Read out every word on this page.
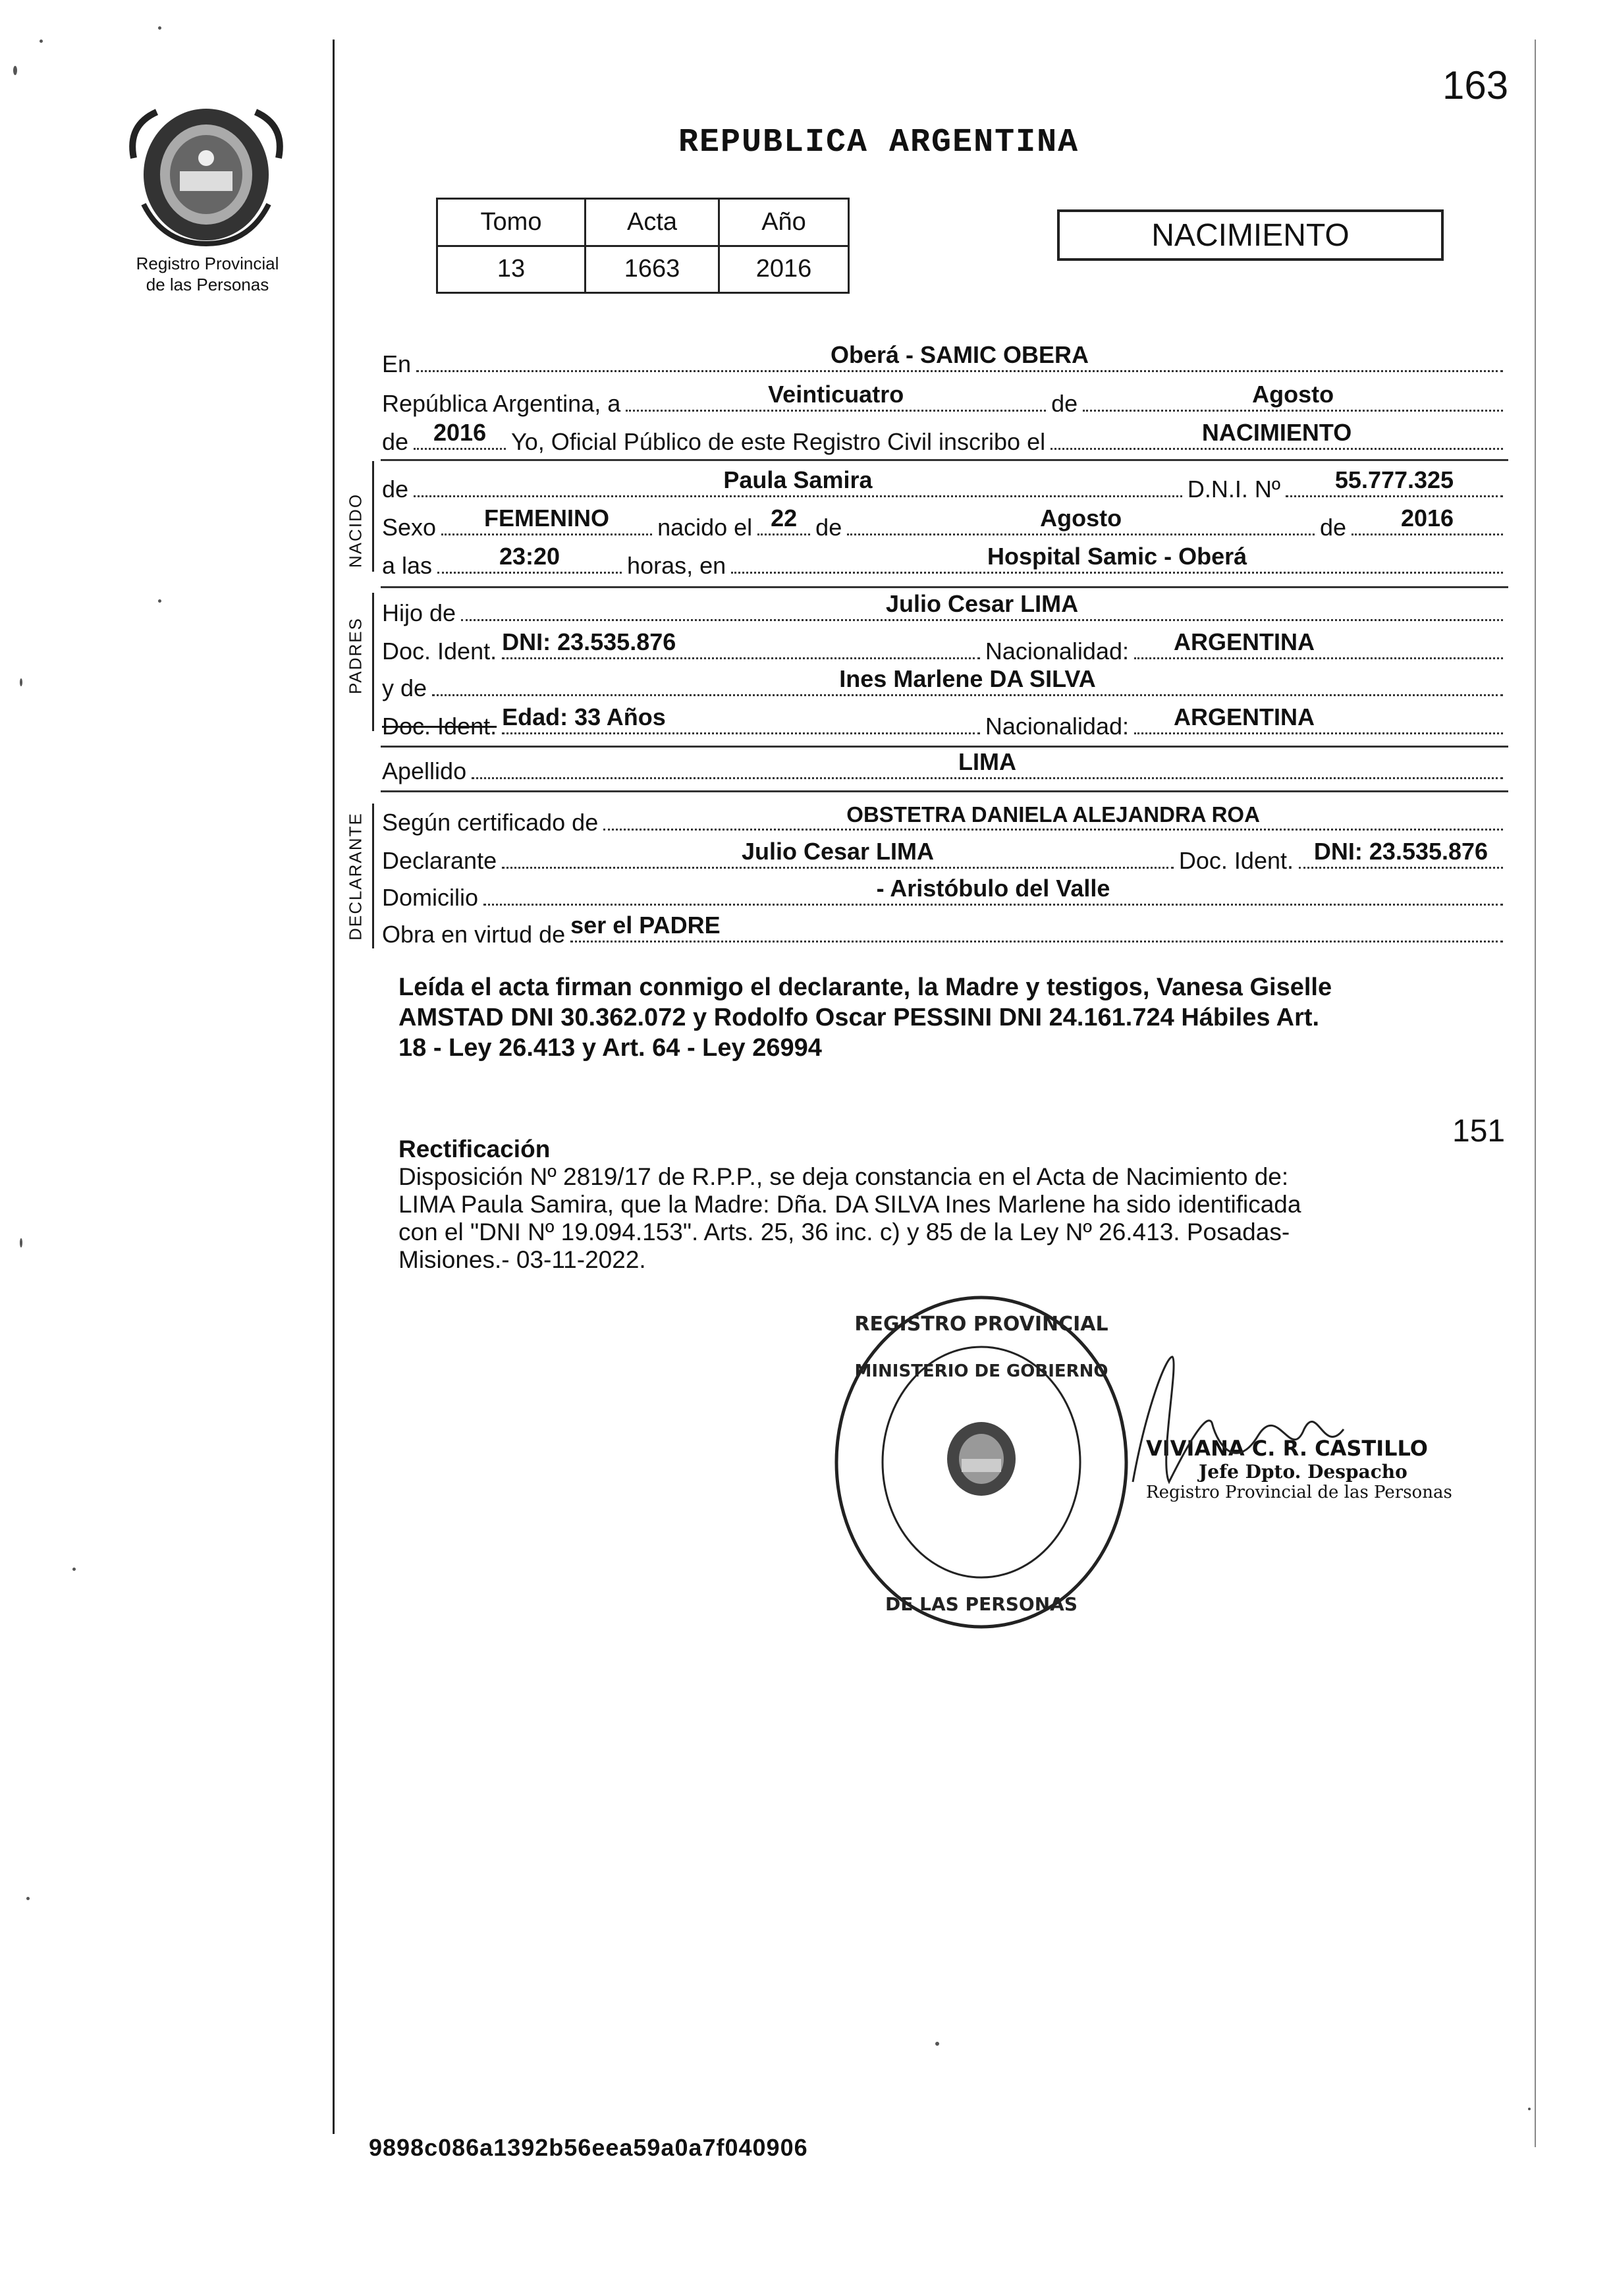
163
Registro Provincial
de las Personas
REPUBLICA ARGENTINA
Tomo	Acta	Año
13	1663	2016
NACIMIENTO
NACIDO
PADRES
DECLARANTE
En	Oberá - SAMIC OBERA
República Argentina, a	Veinticuatro	de	Agosto
de	2016	Yo, Oficial Público de este Registro Civil inscribo el	NACIMIENTO
de	Paula Samira	D.N.I. Nº	55.777.325
Sexo	FEMENINO	nacido el 22 de	Agosto	de	2016
a las	23:20	horas, en	Hospital Samic - Oberá
Hijo de	Julio Cesar LIMA
Doc. Ident. DNI: 23.535.876	Nacionalidad:	ARGENTINA
y de	Ines Marlene DA SILVA
Doc. Ident. Edad: 33 Años	Nacionalidad:	ARGENTINA
Apellido	LIMA
Según certificado de	OBSTETRA DANIELA ALEJANDRA ROA
Declarante	Julio Cesar LIMA	Doc. Ident. DNI: 23.535.876
Domicilio	- Aristóbulo del Valle
Obra en virtud de ser el PADRE
Leída el acta firman conmigo el declarante, la Madre y testigos, Vanesa Giselle
AMSTAD DNI 30.362.072 y Rodolfo Oscar PESSINI DNI 24.161.724 Hábiles Art.
18 - Ley 26.413 y Art. 64 - Ley 26994
151
Rectificación
Disposición Nº 2819/17 de R.P.P., se deja constancia en el Acta de Nacimiento de:
LIMA Paula Samira, que la Madre: Dña. DA SILVA Ines Marlene ha sido identificada
con el "DNI Nº 19.094.153". Arts. 25, 36 inc. c) y 85 de la Ley Nº 26.413. Posadas-
Misiones.- 03-11-2022.
REGISTRO PROVINCIAL
MINISTERIO DE GOBIERNO
DE LAS PERSONAS
VIVIANA C. R. CASTILLO
Jefe Dpto. Despacho
Registro Provincial de las Personas
9898c086a1392b56eea59a0a7f040906
